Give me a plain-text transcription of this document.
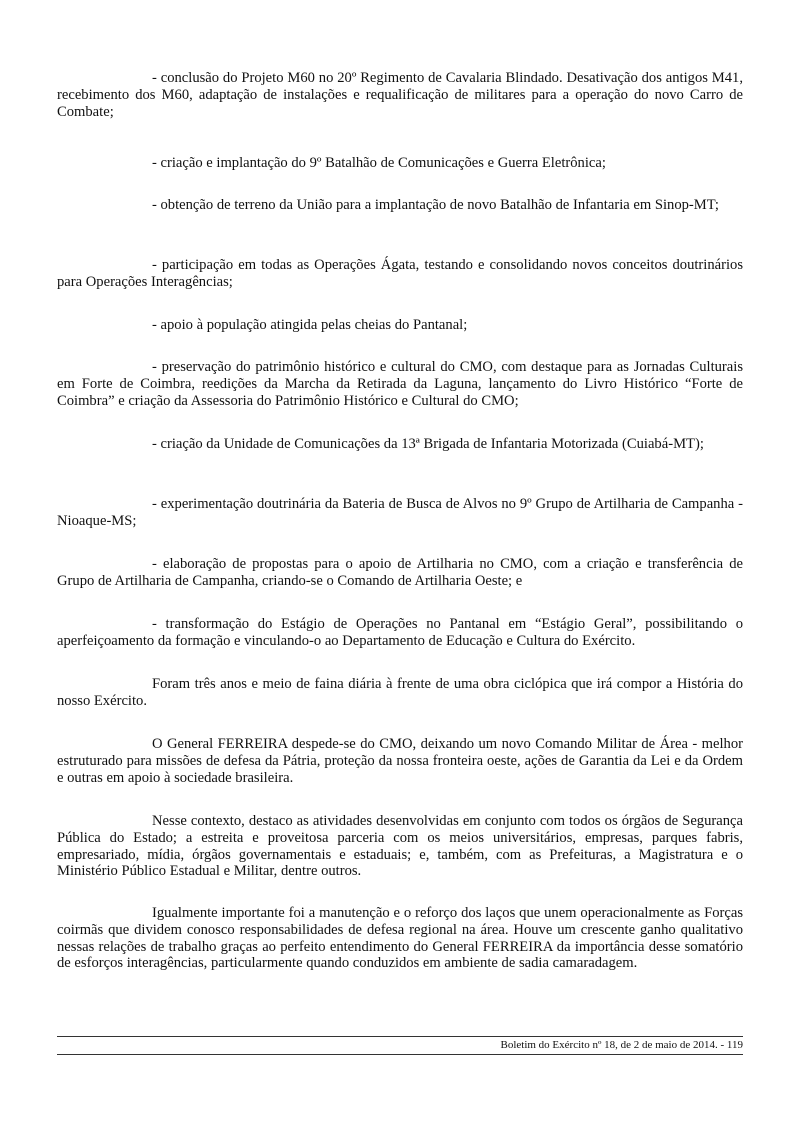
- conclusão do Projeto M60 no 20º Regimento de Cavalaria Blindado. Desativação dos antigos M41, recebimento dos M60, adaptação de instalações e requalificação de militares para a operação do novo Carro de Combate;

- criação e implantação do 9º Batalhão de Comunicações e Guerra Eletrônica;

- obtenção de terreno da União para a implantação de novo Batalhão de Infantaria em Sinop-MT;

- participação em todas as Operações Ágata, testando e consolidando novos conceitos doutrinários para Operações Interagências;

- apoio à população atingida pelas cheias do Pantanal;

- preservação do patrimônio histórico e cultural do CMO, com destaque para as Jornadas Culturais em Forte de Coimbra, reedições da Marcha da Retirada da Laguna, lançamento do Livro Histórico “Forte de Coimbra” e criação da Assessoria do Patrimônio Histórico e Cultural do CMO;

- criação da Unidade de Comunicações da 13ª Brigada de Infantaria Motorizada (Cuiabá-MT);

- experimentação doutrinária da Bateria de Busca de Alvos no 9º Grupo de Artilharia de Campanha - Nioaque-MS;

- elaboração de propostas para o apoio de Artilharia no CMO, com a criação e transferência de Grupo de Artilharia de Campanha, criando-se o Comando de Artilharia Oeste; e

- transformação do Estágio de Operações no Pantanal em “Estágio Geral”, possibilitando o aperfeiçoamento da formação e vinculando-o ao Departamento de Educação e Cultura do Exército.

Foram três anos e meio de faina diária à frente de uma obra ciclópica que irá compor a História do nosso Exército.

O General FERREIRA despede-se do CMO, deixando um novo Comando Militar de Área - melhor estruturado para missões de defesa da Pátria, proteção da nossa fronteira oeste, ações de Garantia da Lei e da Ordem e outras em apoio à sociedade brasileira.

Nesse contexto, destaco as atividades desenvolvidas em conjunto com todos os órgãos de Segurança Pública do Estado; a estreita e proveitosa parceria com os meios universitários, empresas, parques fabris, empresariado, mídia, órgãos governamentais e estaduais; e, também, com as Prefeituras, a Magistratura e o Ministério Público Estadual e Militar, dentre outros.

Igualmente importante foi a manutenção e o reforço dos laços que unem operacionalmente as Forças coirmãs que dividem conosco responsabilidades de defesa regional na área. Houve um crescente ganho qualitativo nessas relações de trabalho graças ao perfeito entendimento do General FERREIRA da importância desse somatório de esforços interagências, particularmente quando conduzidos em ambiente de sadia camaradagem.

Boletim do Exército nº 18, de 2 de maio de 2014. - 119
